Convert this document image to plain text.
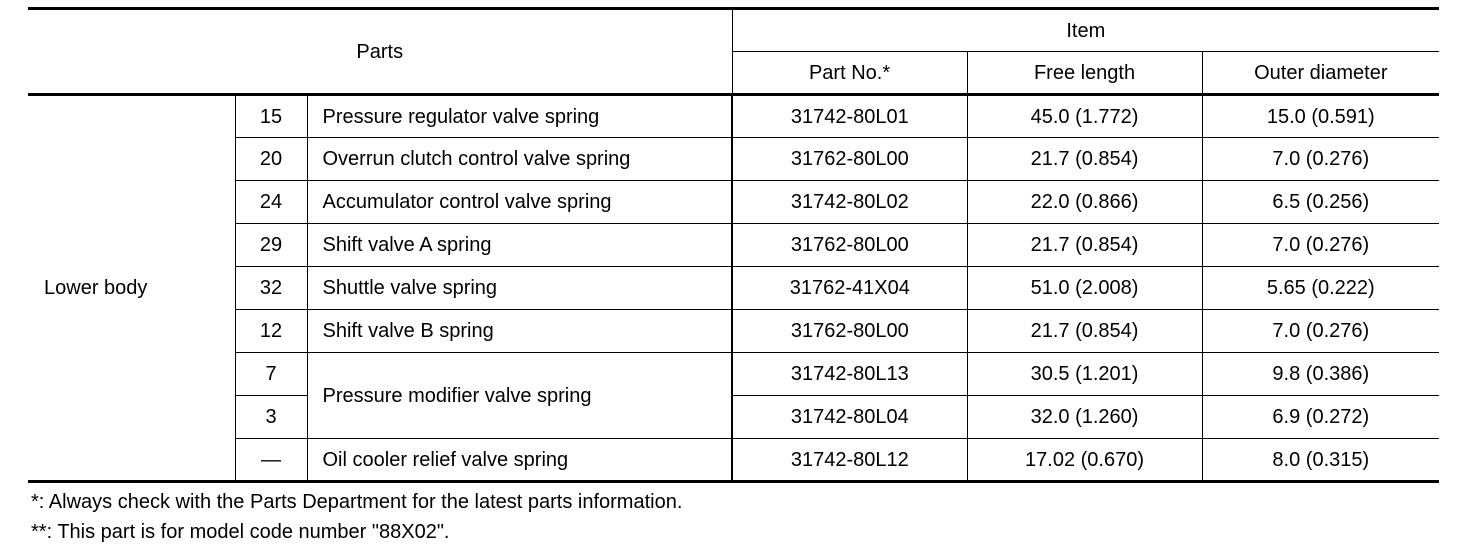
Parts			Item		
			Part No.*	Free length	Outer diameter
Lower body	15	Pressure regulator valve spring	31742-80L01	45.0 (1.772)	15.0 (0.591)
	20	Overrun clutch control valve spring	31762-80L00	21.7 (0.854)	7.0 (0.276)
	24	Accumulator control valve spring	31742-80L02	22.0 (0.866)	6.5 (0.256)
	29	Shift valve A spring	31762-80L00	21.7 (0.854)	7.0 (0.276)
	32	Shuttle valve spring	31762-41X04	51.0 (2.008)	5.65 (0.222)
	12	Shift valve B spring	31762-80L00	21.7 (0.854)	7.0 (0.276)
	7	Pressure modifier valve spring	31742-80L13	30.5 (1.201)	9.8 (0.386)
	3		31742-80L04	32.0 (1.260)	6.9 (0.272)
	—	Oil cooler relief valve spring	31742-80L12	17.02 (0.670)	8.0 (0.315)
*: Always check with the Parts Department for the latest parts information.
**: This part is for model code number "88X02".
